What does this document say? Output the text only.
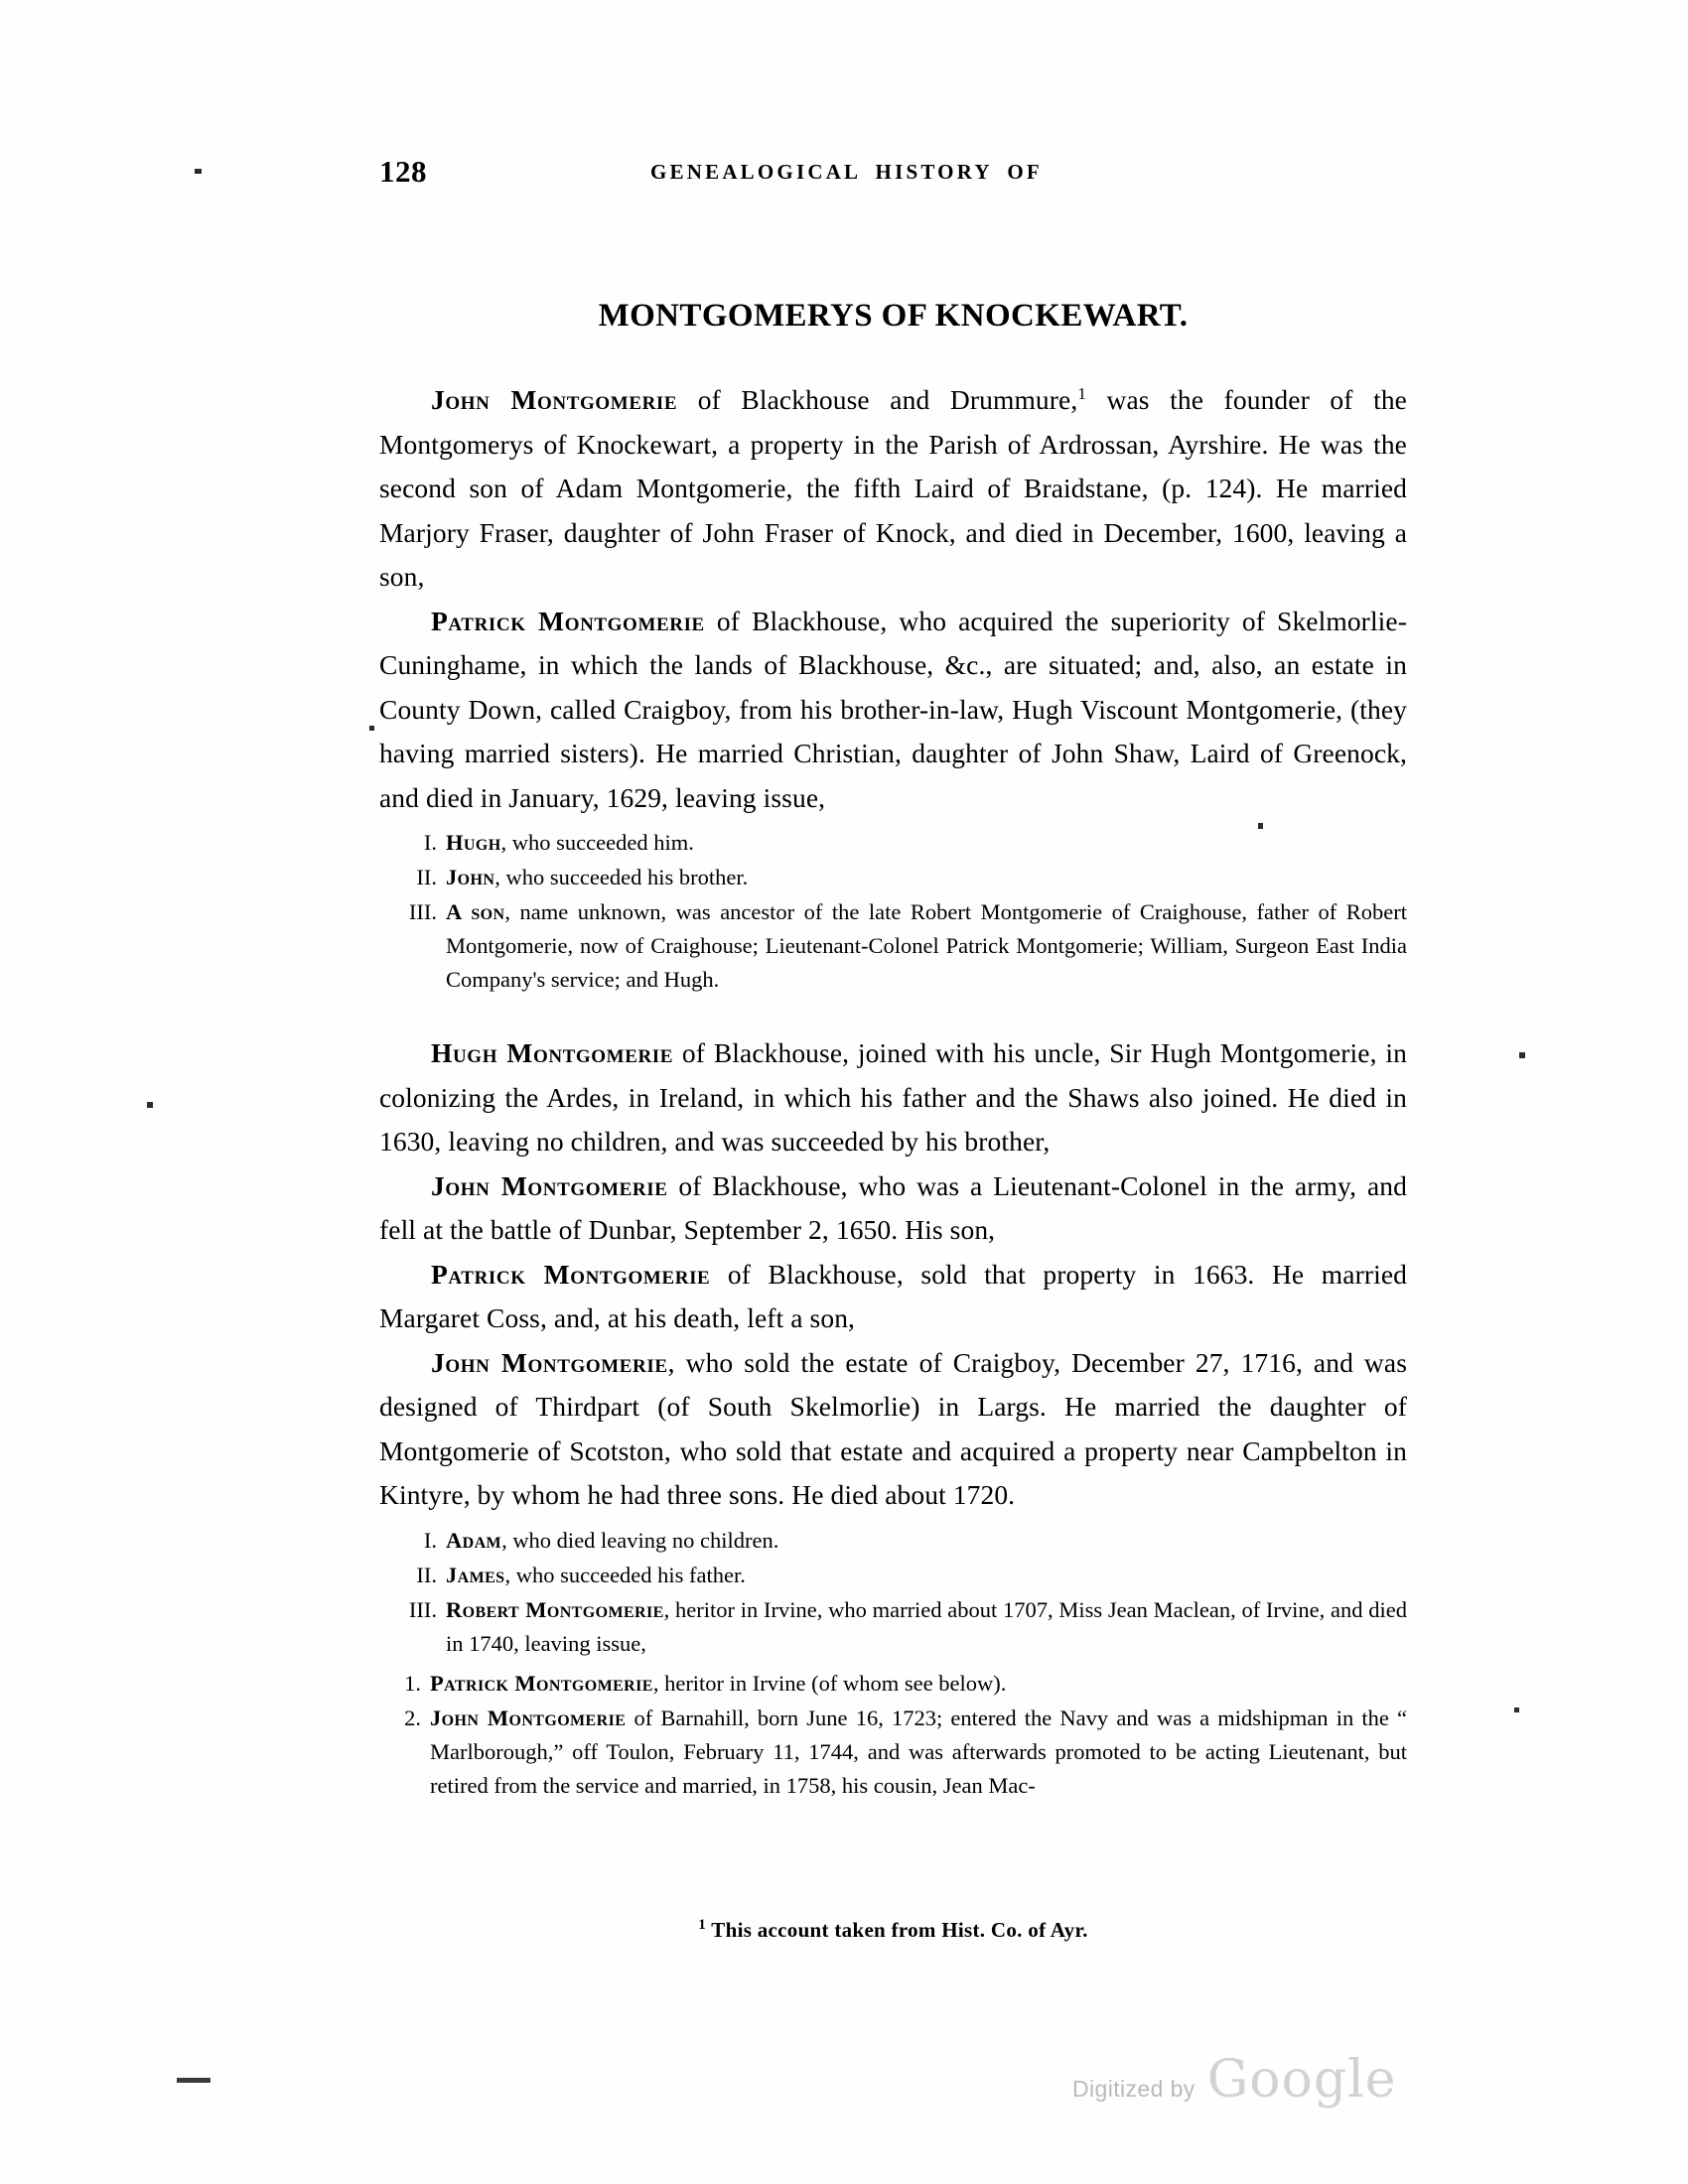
128	GENEALOGICAL HISTORY OF
MONTGOMERYS OF KNOCKEWART.

John Montgomerie of Blackhouse and Drummure,$^1$ was the founder of the Montgomerys of Knockewart, a property in the Parish of Ardrossan, Ayrshire. He was the second son of Adam Montgomerie, the fifth Laird of Braidstane, (p. 124). He married Marjory Fraser, daughter of John Fraser of Knock, and died in December, 1600, leaving a son,

Patrick Montgomerie of Blackhouse, who acquired the superiority of Skelmorlie-Cuninghame, in which the lands of Blackhouse, &c., are situated; and, also, an estate in County Down, called Craigboy, from his brother-in-law, Hugh Viscount Montgomerie, (they having married sisters). He married Christian, daughter of John Shaw, Laird of Greenock, and died in January, 1629, leaving issue,

I. Hugh, who succeeded him.
II. John, who succeeded his brother.
III. A son, name unknown, was ancestor of the late Robert Montgomerie of Craighouse, father of Robert Montgomerie, now of Craighouse; Lieutenant-Colonel Patrick Montgomerie; William, Surgeon East India Company's service; and Hugh.

Hugh Montgomerie of Blackhouse, joined with his uncle, Sir Hugh Montgomerie, in colonizing the Ardes, in Ireland, in which his father and the Shaws also joined. He died in 1630, leaving no children, and was succeeded by his brother,

John Montgomerie of Blackhouse, who was a Lieutenant-Colonel in the army, and fell at the battle of Dunbar, September 2, 1650. His son,

Patrick Montgomerie of Blackhouse, sold that property in 1663. He married Margaret Coss, and, at his death, left a son,

John Montgomerie, who sold the estate of Craigboy, December 27, 1716, and was designed of Thirdpart (of South Skelmorlie) in Largs. He married the daughter of Montgomerie of Scotston, who sold that estate and acquired a property near Campbelton in Kintyre, by whom he had three sons. He died about 1720.

I. Adam, who died leaving no children.
II. James, who succeeded his father.
III. Robert Montgomerie, heritor in Irvine, who married about 1707, Miss Jean Maclean, of Irvine, and died in 1740, leaving issue,
1. Patrick Montgomerie, heritor in Irvine (of whom see below).
2. John Montgomerie of Barnahill, born June 16, 1723; entered the Navy and was a midshipman in the “ Marlborough,” off Toulon, February 11, 1744, and was afterwards promoted to be acting Lieutenant, but retired from the service and married, in 1758, his cousin, Jean Mac-
$^1$ This account taken from Hist. Co. of Ayr.
Digitized by Google
